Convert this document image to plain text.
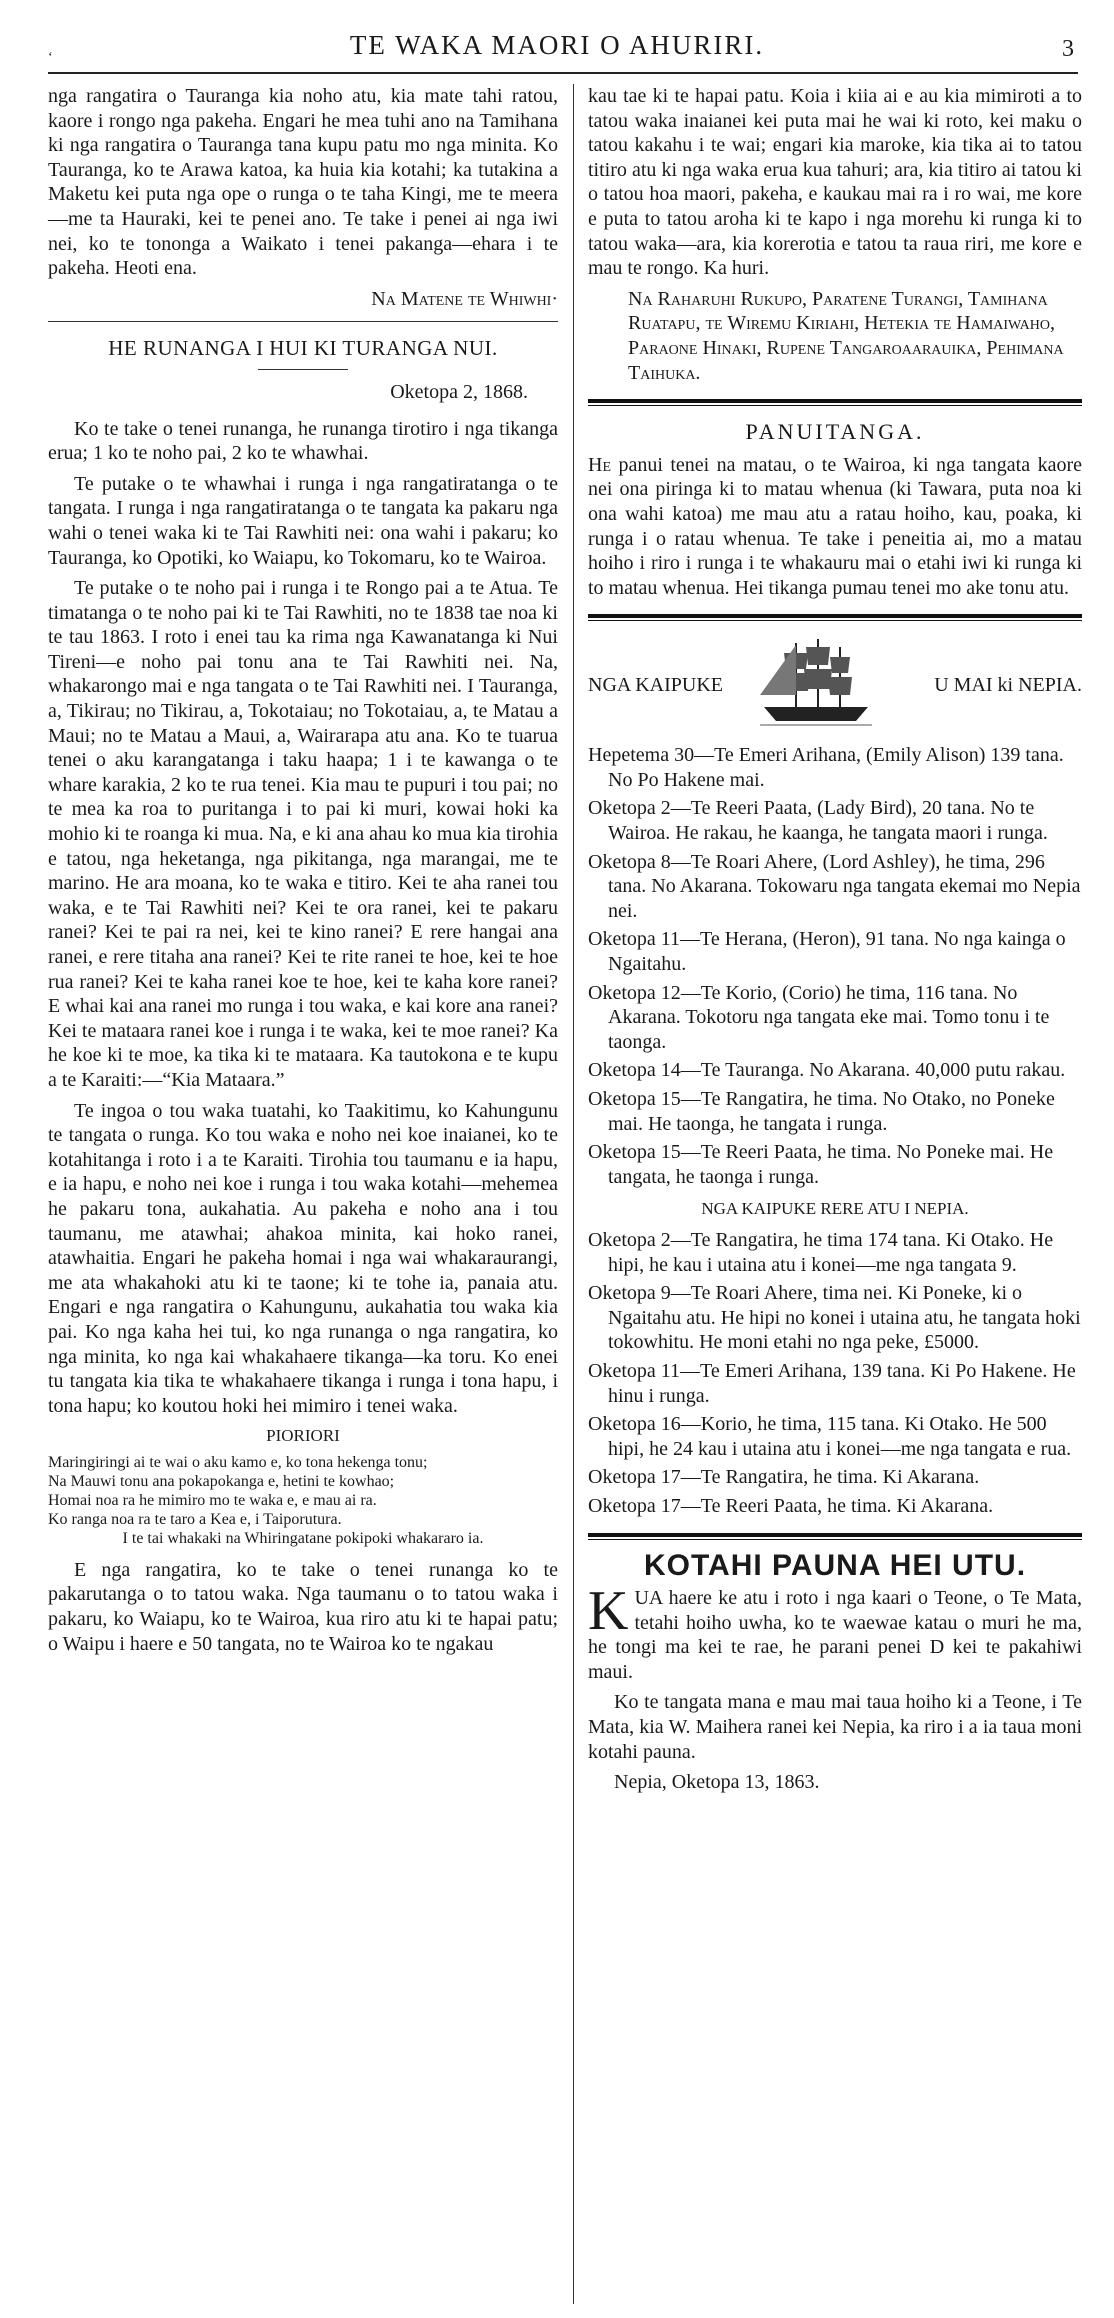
‘	TE WAKA MAORI O AHURIRI.	3

nga rangatira o Tauranga kia noho atu, kia mate tahi ratou, kaore i rongo nga pakeha. Engari he mea tuhi ano na Tamihana ki nga rangatira o Tauranga tana kupu patu mo nga minita. Ko Tauranga, ko te Arawa katoa, ka huia kia kotahi; ka tutakina a Maketu kei puta nga ope o runga o te taha Kingi, me te meera—me ta Hauraki, kei te penei ano. Te take i penei ai nga iwi nei, ko te tononga a Waikato i tenei pakanga—ehara i te pakeha. Heoti ena.

Na Matene te Whiwhi·
HE RUNANGA I HUI KI TURANGA NUI.
Oketopa 2, 1868.

Ko te take o tenei runanga, he runanga tirotiro i nga tikanga erua; 1 ko te noho pai, 2 ko te whawhai.

Te putake o te whawhai i runga i nga rangatiratanga o te tangata. I runga i nga rangatiratanga o te tangata ka pakaru nga wahi o tenei waka ki te Tai Rawhiti nei: ona wahi i pakaru; ko Tauranga, ko Opotiki, ko Waiapu, ko Tokomaru, ko te Wairoa.

Te putake o te noho pai i runga i te Rongo pai a te Atua. Te timatanga o te noho pai ki te Tai Rawhiti, no te 1838 tae noa ki te tau 1863. I roto i enei tau ka rima nga Kawanatanga ki Nui Tireni—e noho pai tonu ana te Tai Rawhiti nei. Na, whakarongo mai e nga tangata o te Tai Rawhiti nei. I Tauranga, a, Tikirau; no Tikirau, a, Tokotaiau; no Tokotaiau, a, te Matau a Maui; no te Matau a Maui, a, Wairarapa atu ana. Ko te tuarua tenei o aku karangatanga i taku haapa; 1 i te kawanga o te whare karakia, 2 ko te rua tenei. Kia mau te pupuri i tou pai; no te mea ka roa to puritanga i to pai ki muri, kowai hoki ka mohio ki te roanga ki mua. Na, e ki ana ahau ko mua kia tirohia e tatou, nga heketanga, nga pikitanga, nga marangai, me te marino. He ara moana, ko te waka e titiro. Kei te aha ranei tou waka, e te Tai Rawhiti nei? Kei te ora ranei, kei te pakaru ranei? Kei te pai ra nei, kei te kino ranei? E rere hangai ana ranei, e rere titaha ana ranei? Kei te rite ranei te hoe, kei te hoe rua ranei? Kei te kaha ranei koe te hoe, kei te kaha kore ranei? E whai kai ana ranei mo runga i tou waka, e kai kore ana ranei? Kei te mataara ranei koe i runga i te waka, kei te moe ranei? Ka he koe ki te moe, ka tika ki te mataara. Ka tautokona e te kupu a te Karaiti:—“Kia Mataara.”

Te ingoa o tou waka tuatahi, ko Taakitimu, ko Kahungunu te tangata o runga. Ko tou waka e noho nei koe inaianei, ko te kotahitanga i roto i a te Karaiti. Tirohia tou taumanu e ia hapu, e ia hapu, e noho nei koe i runga i tou waka kotahi—mehemea he pakaru tona, aukahatia. Au pakeha e noho ana i tou taumanu, me atawhai; ahakoa minita, kai hoko ranei, atawhaitia. Engari he pakeha homai i nga wai whakaraurangi, me ata whakahoki atu ki te taone; ki te tohe ia, panaia atu. Engari e nga rangatira o Kahungunu, aukahatia tou waka kia pai. Ko nga kaha hei tui, ko nga runanga o nga rangatira, ko nga minita, ko nga kai whakahaere tikanga—ka toru. Ko enei tu tangata kia tika te whakahaere tikanga i runga i tona hapu, i tona hapu; ko koutou hoki hei mimiro i tenei waka.

PIORIORI
Maringiringi ai te wai o aku kamo e, ko tona hekenga tonu;
Na Mauwi tonu ana pokapokanga e, hetini te kowhao;
Homai noa ra he mimiro mo te waka e, e mau ai ra.
Ko ranga noa ra te taro a Kea e, i Taiporutura.
I te tai whakaki na Whiringatane pokipoki whakararo ia.

E nga rangatira, ko te take o tenei runanga ko te pakarutanga o to tatou waka. Nga taumanu o to tatou waka i pakaru, ko Waiapu, ko te Wairoa, kua riro atu ki te hapai patu; o Waipu i haere e 50 tangata, no te Wairoa ko te ngakau

kau tae ki te hapai patu. Koia i kiia ai e au kia mimiroti a to tatou waka inaianei kei puta mai he wai ki roto, kei maku o tatou kakahu i te wai; engari kia maroke, kia tika ai to tatou titiro atu ki nga waka erua kua tahuri; ara, kia titiro ai tatou ki o tatou hoa maori, pakeha, e kaukau mai ra i ro wai, me kore e puta to tatou aroha ki te kapo i nga morehu ki runga ki to tatou waka—ara, kia korerotia e tatou ta raua riri, me kore e mau te rongo. Ka huri.

Na Raharuhi Rukupo, Paratene Turangi, Tamihana Ruatapu, te Wiremu Kiriahi, Hetekia te Hamaiwaho, Paraone Hinaki, Rupene Tangaroaarauika, Pehimana Taihuka.
PANUITANGA.

He panui tenei na matau, o te Wairoa, ki nga tangata kaore nei ona piringa ki to matau whenua (ki Tawara, puta noa ki ona wahi katoa) me mau atu a ratau hoiho, kau, poaka, ki runga i o ratau whenua. Te take i peneitia ai, mo a matau hoiho i riro i runga i te whakauru mai o etahi iwi ki runga ki to matau whenua. Hei tikanga pumau tenei mo ake tonu atu.

NGA KAIPUKE	U MAI ki NEPIA.
Hepetema 30—Te Emeri Arihana, (Emily Alison) 139 tana. No Po Hakene mai.
Oketopa 2—Te Reeri Paata, (Lady Bird), 20 tana. No te Wairoa. He rakau, he kaanga, he tangata maori i runga.
Oketopa 8—Te Roari Ahere, (Lord Ashley), he tima, 296 tana. No Akarana. Tokowaru nga tangata ekemai mo Nepia nei.
Oketopa 11—Te Herana, (Heron), 91 tana. No nga kainga o Ngaitahu.
Oketopa 12—Te Korio, (Corio) he tima, 116 tana. No Akarana. Tokotoru nga tangata eke mai. Tomo tonu i te taonga.
Oketopa 14—Te Tauranga. No Akarana. 40,000 putu rakau.
Oketopa 15—Te Rangatira, he tima. No Otako, no Poneke mai. He taonga, he tangata i runga.
Oketopa 15—Te Reeri Paata, he tima. No Poneke mai. He tangata, he taonga i runga.
NGA KAIPUKE RERE ATU I NEPIA.
Oketopa 2—Te Rangatira, he tima 174 tana. Ki Otako. He hipi, he kau i utaina atu i konei—me nga tangata 9.
Oketopa 9—Te Roari Ahere, tima nei. Ki Poneke, ki o Ngaitahu atu. He hipi no konei i utaina atu, he tangata hoki tokowhitu. He moni etahi no nga peke, £5000.
Oketopa 11—Te Emeri Arihana, 139 tana. Ki Po Hakene. He hinu i runga.
Oketopa 16—Korio, he tima, 115 tana. Ki Otako. He 500 hipi, he 24 kau i utaina atu i konei—me nga tangata e rua.
Oketopa 17—Te Rangatira, he tima. Ki Akarana.
Oketopa 17—Te Reeri Paata, he tima. Ki Akarana.
KOTAHI PAUNA HEI UTU.

KUA haere ke atu i roto i nga kaari o Teone, o Te Mata, tetahi hoiho uwha, ko te waewae katau o muri he ma, he tongi ma kei te rae, he parani penei D kei te pakahiwi maui.

Ko te tangata mana e mau mai taua hoiho ki a Teone, i Te Mata, kia W. Maihera ranei kei Nepia, ka riro i a ia taua moni kotahi pauna.

Nepia, Oketopa 13, 1863.
